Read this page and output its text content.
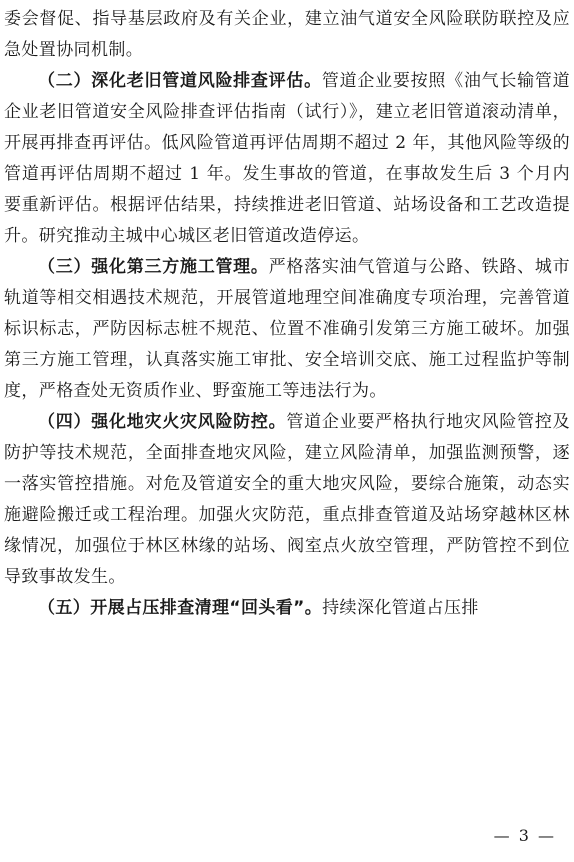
委会督促、指导基层政府及有关企业，建立油气道安全风险联防联控及应急处置协同机制。

（二）深化老旧管道风险排查评估。管道企业要按照《油气长输管道企业老旧管道安全风险排查评估指南（试行）》，建立老旧管道滚动清单，开展再排查再评估。低风险管道再评估周期不超过 2 年，其他风险等级的管道再评估周期不超过 1 年。发生事故的管道，在事故发生后 3 个月内要重新评估。根据评估结果，持续推进老旧管道、站场设备和工艺改造提升。研究推动主城中心城区老旧管道改造停运。

（三）强化第三方施工管理。严格落实油气管道与公路、铁路、城市轨道等相交相遇技术规范，开展管道地理空间准确度专项治理，完善管道标识标志，严防因标志桩不规范、位置不准确引发第三方施工破坏。加强第三方施工管理，认真落实施工审批、安全培训交底、施工过程监护等制度，严格查处无资质作业、野蛮施工等违法行为。

（四）强化地灾火灾风险防控。管道企业要严格执行地灾风险管控及防护等技术规范，全面排查地灾风险，建立风险清单，加强监测预警，逐一落实管控措施。对危及管道安全的重大地灾风险，要综合施策，动态实施避险搬迁或工程治理。加强火灾防范，重点排查管道及站场穿越林区林缘情况，加强位于林区林缘的站场、阀室点火放空管理，严防管控不到位导致事故发生。

（五）开展占压排查清理“回头看”。持续深化管道占压排

— 3 —
